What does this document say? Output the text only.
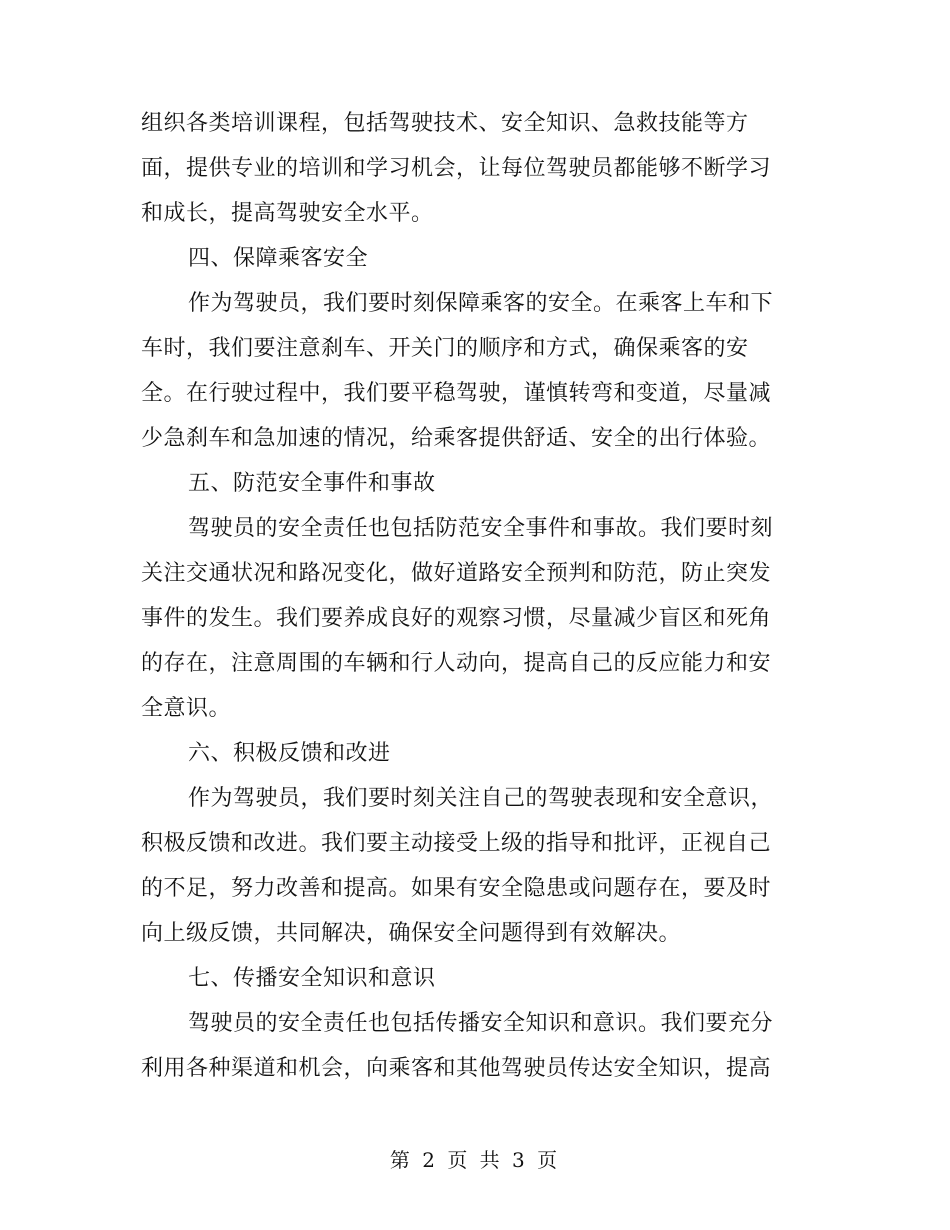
组织各类培训课程，包括驾驶技术、安全知识、急救技能等方
面，提供专业的培训和学习机会，让每位驾驶员都能够不断学习
和成长，提高驾驶安全水平。
四、保障乘客安全
作为驾驶员，我们要时刻保障乘客的安全。在乘客上车和下
车时，我们要注意刹车、开关门的顺序和方式，确保乘客的安
全。在行驶过程中，我们要平稳驾驶，谨慎转弯和变道，尽量减
少急刹车和急加速的情况，给乘客提供舒适、安全的出行体验。
五、防范安全事件和事故
驾驶员的安全责任也包括防范安全事件和事故。我们要时刻
关注交通状况和路况变化，做好道路安全预判和防范，防止突发
事件的发生。我们要养成良好的观察习惯，尽量减少盲区和死角
的存在，注意周围的车辆和行人动向，提高自己的反应能力和安
全意识。
六、积极反馈和改进
作为驾驶员，我们要时刻关注自己的驾驶表现和安全意识，
积极反馈和改进。我们要主动接受上级的指导和批评，正视自己
的不足，努力改善和提高。如果有安全隐患或问题存在，要及时
向上级反馈，共同解决，确保安全问题得到有效解决。
七、传播安全知识和意识
驾驶员的安全责任也包括传播安全知识和意识。我们要充分
利用各种渠道和机会，向乘客和其他驾驶员传达安全知识，提高
第 2 页 共 3 页
